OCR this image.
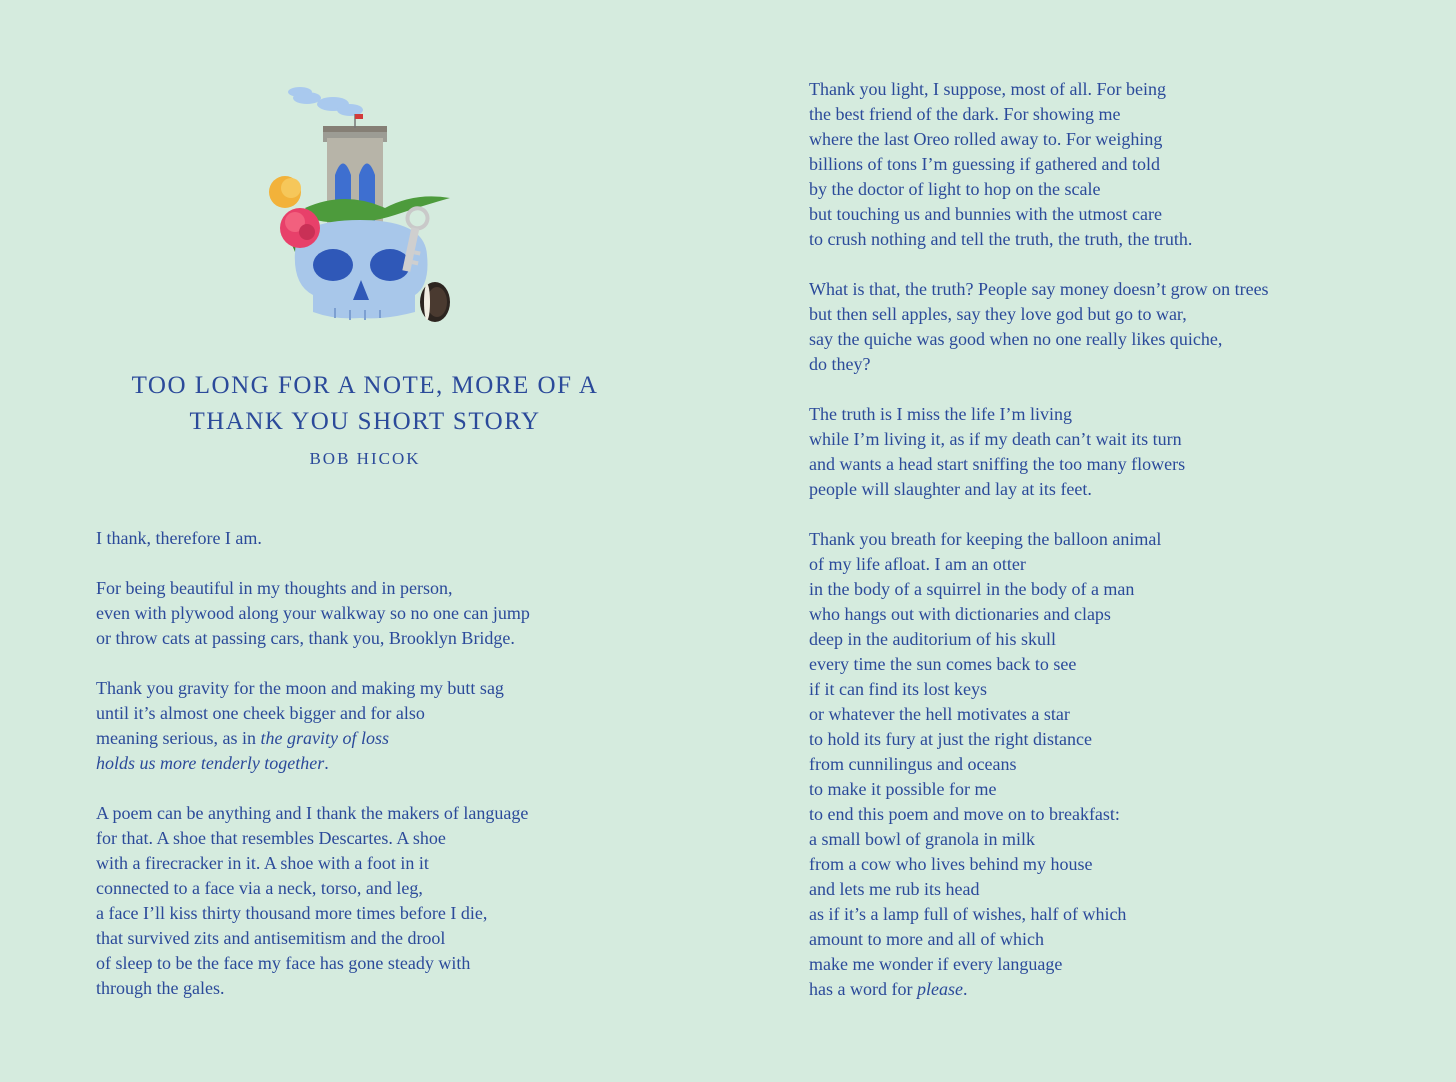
TOO LONG FOR A NOTE, MORE OF A
THANK YOU SHORT STORY
BOB HICOK
I thank, therefore I am.
For being beautiful in my thoughts and in person,
even with plywood along your walkway so no one can jump
or throw cats at passing cars, thank you, Brooklyn Bridge.
Thank you gravity for the moon and making my butt sag
until it’s almost one cheek bigger and for also
meaning serious, as in the gravity of loss
holds us more tenderly together.
A poem can be anything and I thank the makers of language
for that. A shoe that resembles Descartes. A shoe
with a firecracker in it. A shoe with a foot in it
connected to a face via a neck, torso, and leg,
a face I’ll kiss thirty thousand more times before I die,
that survived zits and antisemitism and the drool
of sleep to be the face my face has gone steady with
through the gales.
Thank you light, I suppose, most of all. For being
the best friend of the dark. For showing me
where the last Oreo rolled away to. For weighing
billions of tons I’m guessing if gathered and told
by the doctor of light to hop on the scale
but touching us and bunnies with the utmost care
to crush nothing and tell the truth, the truth, the truth.
What is that, the truth? People say money doesn’t grow on trees
but then sell apples, say they love god but go to war,
say the quiche was good when no one really likes quiche,
do they?
The truth is I miss the life I’m living
while I’m living it, as if my death can’t wait its turn
and wants a head start sniffing the too many flowers
people will slaughter and lay at its feet.
Thank you breath for keeping the balloon animal
of my life afloat. I am an otter
in the body of a squirrel in the body of a man
who hangs out with dictionaries and claps
deep in the auditorium of his skull
every time the sun comes back to see
if it can find its lost keys
or whatever the hell motivates a star
to hold its fury at just the right distance
from cunnilingus and oceans
to make it possible for me
to end this poem and move on to breakfast:
a small bowl of granola in milk
from a cow who lives behind my house
and lets me rub its head
as if it’s a lamp full of wishes, half of which
amount to more and all of which
make me wonder if every language
has a word for please.
